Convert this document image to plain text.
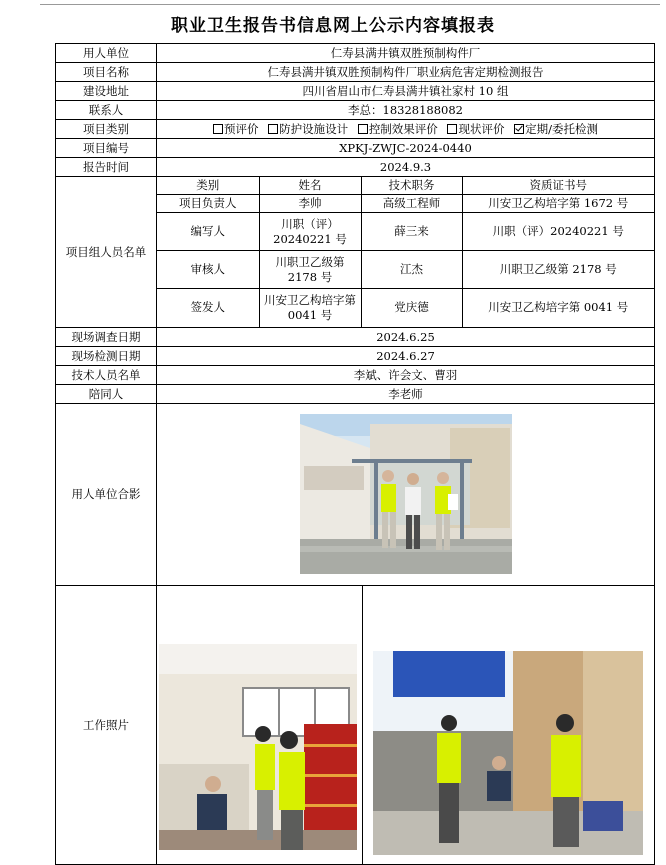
职业卫生报告书信息网上公示内容填报表
用人单位	仁寿县满井镇双胜预制构件厂
项目名称	仁寿县满井镇双胜预制构件厂职业病危害定期检测报告
建设地址	四川省眉山市仁寿县满井镇社家村 10 组
联系人	李总：18328188082
项目类别	预评价 防护设施设计 控制效果评价 现状评价 定期/委托检测
项目编号	XPKJ-ZWJC-2024-0440
报告时间	2024.9.3
项目组人员名单	
类别	姓名	技术职务	资质证书号
项目负责人	李帅	高级工程师	川安卫乙构培字第 1672 号
编写人	川职（评）20240221 号	薛三来	川职（评）20240221 号
审核人	川职卫乙级第 2178 号	江杰	川职卫乙级第 2178 号
签发人	川安卫乙构培字第 0041 号	党庆德	川安卫乙构培字第 0041 号

现场调查日期	2024.6.25
现场检测日期	2024.6.27
技术人员名单	李斌、许会文、曹羽
陪同人	李老师
用人单位合影	

工作照片	
